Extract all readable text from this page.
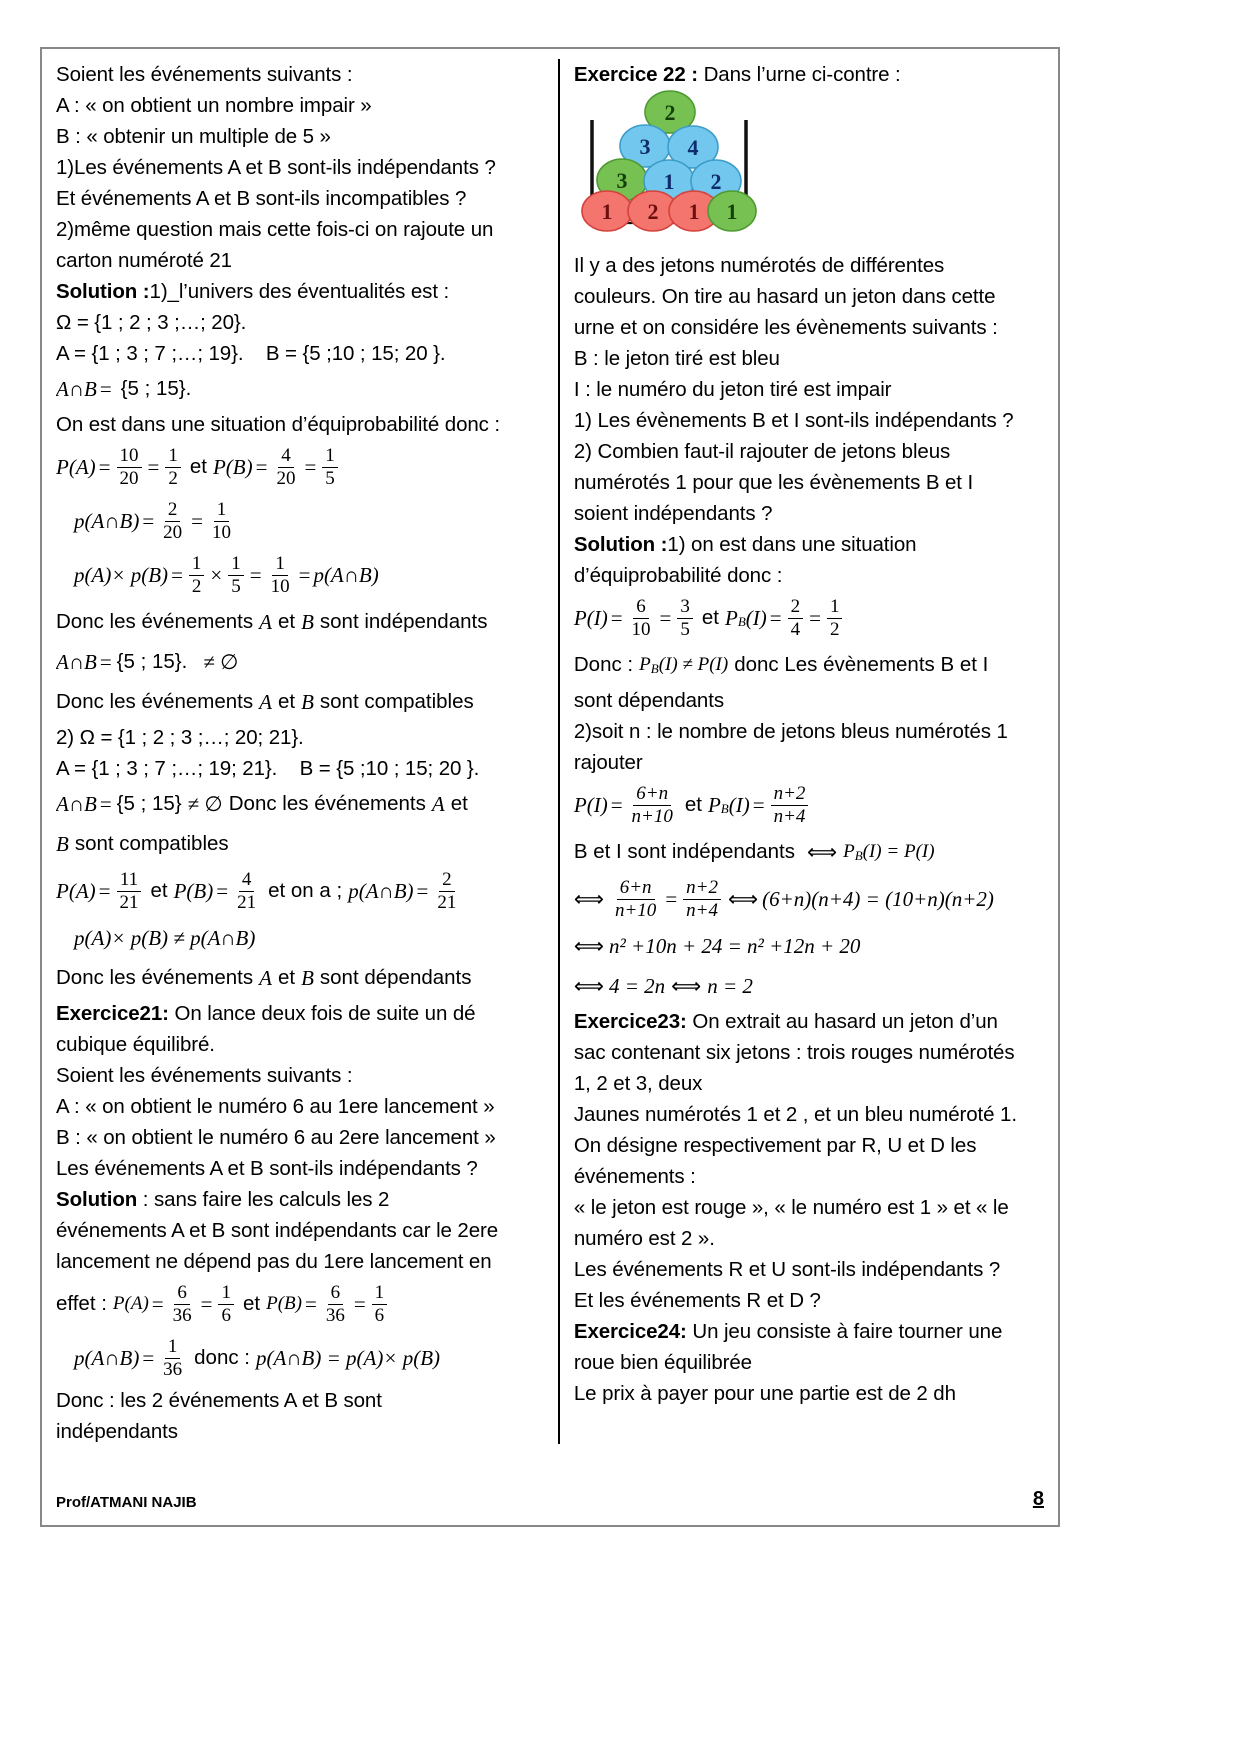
Soient les événements suivants :
A : « on obtient un nombre impair »
B : « obtenir un multiple de 5 »
1)Les événements A et B sont-ils indépendants ?
Et événements A et B sont-ils incompatibles ?
2)même question mais cette fois-ci on rajoute un
carton numéroté 21
Solution :1)_l’univers des éventualités est :
Ω = {1 ; 2 ; 3 ;…; 20}.
A = {1 ; 3 ; 7 ;…; 19}. B = {5 ;10 ; 15; 20 }.
A∩B = {5 ; 15}.
On est dans une situation d’équiprobabilité donc :
$P(A) = \frac{10}{20} = \frac{1}{2}$ et $P(B) = \frac{4}{20} = \frac{1}{5}$
p(A∩B) = $\frac{2}{20} = \frac{1}{10}$
$p(A)\times p(B) = \frac{1}{2} \times \frac{1}{5} = \frac{1}{10}$ = p(A∩B)
Donc les événements A et B sont indépendants
A∩B = {5 ; 15}. ≠ ∅
Donc les événements A et B sont compatibles
2) Ω = {1 ; 2 ; 3 ;…; 20; 21}.
A = {1 ; 3 ; 7 ;…; 19; 21}. B = {5 ;10 ; 15; 20 }.
A∩B = {5 ; 15} ≠ ∅ Donc les événements A et
B sont compatibles
$P(A) = \frac{11}{21}$ et $P(B) = \frac{4}{21}$ et on a ; p(A∩B) = $\frac{2}{21}$
p(A)× p(B) ≠ p(A∩B)
Donc les événements A et B sont dépendants
Exercice21: On lance deux fois de suite un dé
cubique équilibré.
Soient les événements suivants :
A : « on obtient le numéro 6 au 1ere lancement »
B : « on obtient le numéro 6 au 2ere lancement »
Les événements A et B sont-ils indépendants ?
Solution : sans faire les calculs les 2
événements A et B sont indépendants car le 2ere
lancement ne dépend pas du 1ere lancement en
effet : $P(A) = \frac{6}{36} = \frac{1}{6}$ et $P(B) = \frac{6}{36} = \frac{1}{6}$
p(A∩B) = $\frac{1}{36}$ donc : p(A∩B) = p(A)× p(B)
Donc : les 2 événements A et B sont
indépendants
Exercice 22 : Dans l’urne ci-contre :
2
3 4
3 1 2
1 2 1 1
Il y a des jetons numérotés de différentes
couleurs. On tire au hasard un jeton dans cette
urne et on considére les évènements suivants :
B : le jeton tiré est bleu
I : le numéro du jeton tiré est impair
1) Les évènements B et I sont-ils indépendants ?
2) Combien faut-il rajouter de jetons bleus
numérotés 1 pour que les évènements B et I
soient indépendants ?
Solution :1) on est dans une situation
d’équiprobabilité donc :
$P(I) = \frac{6}{10} = \frac{3}{5}$ et P B $(I) = \frac{2}{4} = \frac{1}{2}$
Donc : P B (I) ≠ P(I) donc Les évènements B et I
sont dépendants
2)soit n : le nombre de jetons bleus numérotés 1
rajouter
$P(I) = \frac{6+n}{n+10}$ et P B $(I) = \frac{n+2}{n+4}$
B et I sont indépendants ⟺ P B (I) = P(I)
⟺ $\frac{6+n}{n+10} = \frac{n+2}{n+4}$ ⟺ (6+n)(n+4) = (10+n)(n+2)
⟺ n² +10n + 24 = n² +12n + 20
⟺ 4 = 2n ⟺ n = 2
Exercice23: On extrait au hasard un jeton d’un
sac contenant six jetons : trois rouges numérotés
1, 2 et 3, deux
Jaunes numérotés 1 et 2 , et un bleu numéroté 1.
On désigne respectivement par R, U et D les
événements :
« le jeton est rouge », « le numéro est 1 » et « le
numéro est 2 ».
Les événements R et U sont-ils indépendants ?
Et les événements R et D ?
Exercice24: Un jeu consiste à faire tourner une
roue bien équilibrée
Le prix à payer pour une partie est de 2 dh
Prof/ATMANI NAJIB	8
